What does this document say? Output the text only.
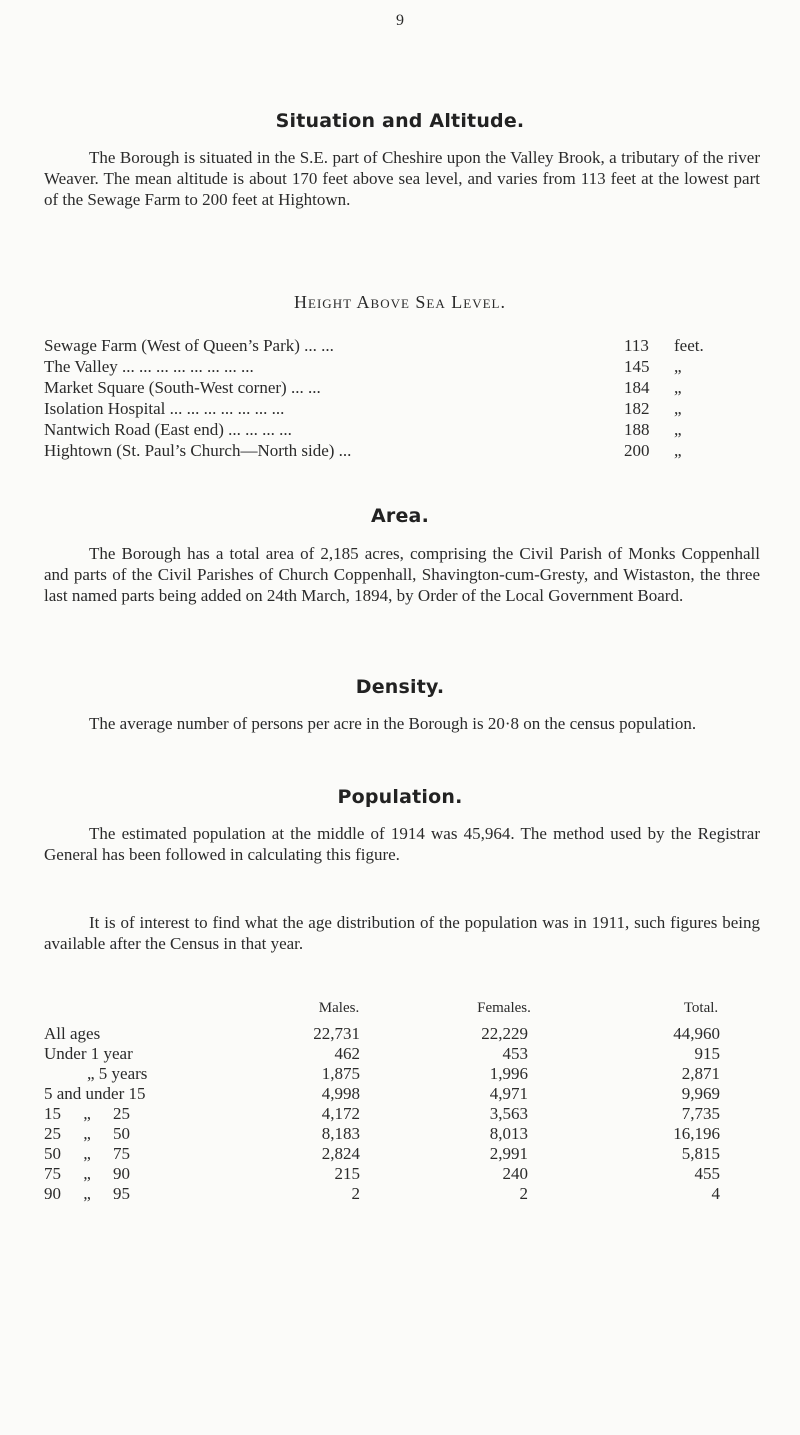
9
Situation and Altitude.
The Borough is situated in the S.E. part of Cheshire upon the Valley Brook, a tributary of the river Weaver. The mean altitude is about 170 feet above sea level, and varies from 113 feet at the lowest part of the Sewage Farm to 200 feet at Hightown.
Height Above Sea Level.
Sewage Farm (West of Queen’s Park) ... ...	113 feet.
The Valley ... ... ... ... ... ... ... ...	145 „
Market Square (South-West corner) ... ...	184 „
Isolation Hospital ... ... ... ... ... ... ...	182 „
Nantwich Road (East end) ... ... ... ...	188 „
Hightown (St. Paul’s Church—North side) ...	200 „
Area.
The Borough has a total area of 2,185 acres, comprising the Civil Parish of Monks Coppenhall and parts of the Civil Parishes of Church Coppenhall, Shavington-cum-Gresty, and Wistaston, the three last named parts being added on 24th March, 1894, by Order of the Local Government Board.
Density.
The average number of persons per acre in the Borough is 20·8 on the census population.
Population.
The estimated population at the middle of 1914 was 45,964. The method used by the Registrar General has been followed in calculating this figure.
It is of interest to find what the age distribution of the population was in 1911, such figures being available after the Census in that year.
Males.	Females.	Total.
All ages	22,731	22,229	44,960
Under 1 year	462	453	915
„ 5 years	1,875	1,996	2,871
5 and under 15	4,998	4,971	9,969
15 „ 25	4,172	3,563	7,735
25 „ 50	8,183	8,013	16,196
50 „ 75	2,824	2,991	5,815
75 „ 90	215	240	455
90 „ 95	2	2	4
